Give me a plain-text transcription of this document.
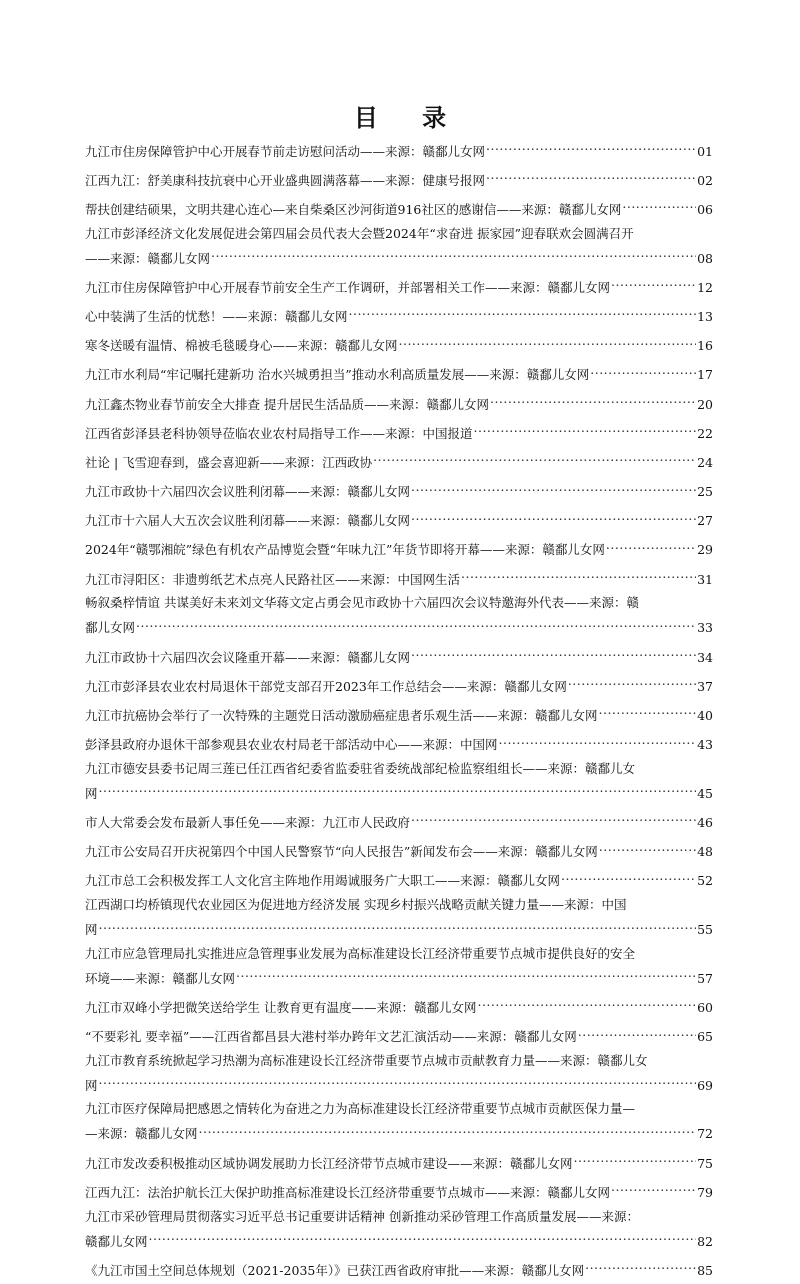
目 录
九江市住房保障管护中心开展春节前走访慰问活动——来源：赣鄱儿女网 .....	01
江西九江：舒美康科技抗衰中心开业盛典圆满落幕——来源：健康号报网 .....	02
帮扶创建结硕果，文明共建心连心—来自柴桑区沙河街道916社区的感谢信——来源：赣鄱儿女网 .....	06
九江市彭泽经济文化发展促进会第四届会员代表大会暨2024年“求奋进 振家园”迎春联欢会圆满召开
——来源：赣鄱儿女网 .....	08
九江市住房保障管护中心开展春节前安全生产工作调研，并部署相关工作——来源：赣鄱儿女网 .....	12
心中装满了生活的忧愁！——来源：赣鄱儿女网 .....	13
寒冬送暖有温情、棉被毛毯暖身心——来源：赣鄱儿女网 .....	16
九江市水利局“牢记嘱托建新功 治水兴城勇担当”推动水利高质量发展——来源：赣鄱儿女网 .....	17
九江鑫杰物业春节前安全大排查 提升居民生活品质——来源：赣鄱儿女网 .....	20
江西省彭泽县老科协领导莅临农业农村局指导工作——来源：中国报道 .....	22
社论 | 飞雪迎春到，盛会喜迎新——来源：江西政协 .....	24
九江市政协十六届四次会议胜利闭幕——来源：赣鄱儿女网 .....	25
九江市十六届人大五次会议胜利闭幕——来源：赣鄱儿女网 .....	27
2024年“赣鄂湘皖”绿色有机农产品博览会暨“年味九江”年货节即将开幕——来源：赣鄱儿女网 .....	29
九江市浔阳区：非遗剪纸艺术点亮人民路社区——来源：中国网生活 .....	31
畅叙桑梓情谊 共谋美好未来刘文华蒋文定占勇会见市政协十六届四次会议特邀海外代表——来源：赣
鄱儿女网 .....	33
九江市政协十六届四次会议隆重开幕——来源：赣鄱儿女网 .....	34
九江市彭泽县农业农村局退休干部党支部召开2023年工作总结会——来源：赣鄱儿女网 .....	37
九江市抗癌协会举行了一次特殊的主题党日活动激励癌症患者乐观生活——来源：赣鄱儿女网 .....	40
彭泽县政府办退休干部参观县农业农村局老干部活动中心——来源：中国网 .....	43
九江市德安县委书记周三莲已任江西省纪委省监委驻省委统战部纪检监察组组长——来源：赣鄱儿女
网 .....	45
市人大常委会发布最新人事任免——来源：九江市人民政府 .....	46
九江市公安局召开庆祝第四个中国人民警察节“向人民报告”新闻发布会——来源：赣鄱儿女网 .....	48
九江市总工会积极发挥工人文化宫主阵地作用竭诚服务广大职工——来源：赣鄱儿女网 .....	52
江西湖口均桥镇现代农业园区为促进地方经济发展 实现乡村振兴战略贡献关键力量——来源：中国
网 .....	55
九江市应急管理局扎实推进应急管理事业发展为高标准建设长江经济带重要节点城市提供良好的安全
环境——来源：赣鄱儿女网 .....	57
九江市双峰小学把微笑送给学生 让教育更有温度——来源：赣鄱儿女网 .....	60
“不要彩礼 要幸福”——江西省都昌县大港村举办跨年文艺汇演活动——来源：赣鄱儿女网 .....	65
九江市教育系统掀起学习热潮为高标准建设长江经济带重要节点城市贡献教育力量——来源：赣鄱儿女
网 .....	69
九江市医疗保障局把感恩之情转化为奋进之力为高标准建设长江经济带重要节点城市贡献医保力量—
—来源：赣鄱儿女网 .....	72
九江市发改委积极推动区域协调发展助力长江经济带节点城市建设——来源：赣鄱儿女网 .....	75
江西九江：法治护航长江大保护助推高标准建设长江经济带重要节点城市——来源：赣鄱儿女网 .....	79
九江市采砂管理局贯彻落实习近平总书记重要讲话精神 创新推动采砂管理工作高质量发展——来源：
赣鄱儿女网 .....	82
《九江市国土空间总体规划（2021-2035年）》已获江西省政府审批——来源：赣鄱儿女网 .....	85
